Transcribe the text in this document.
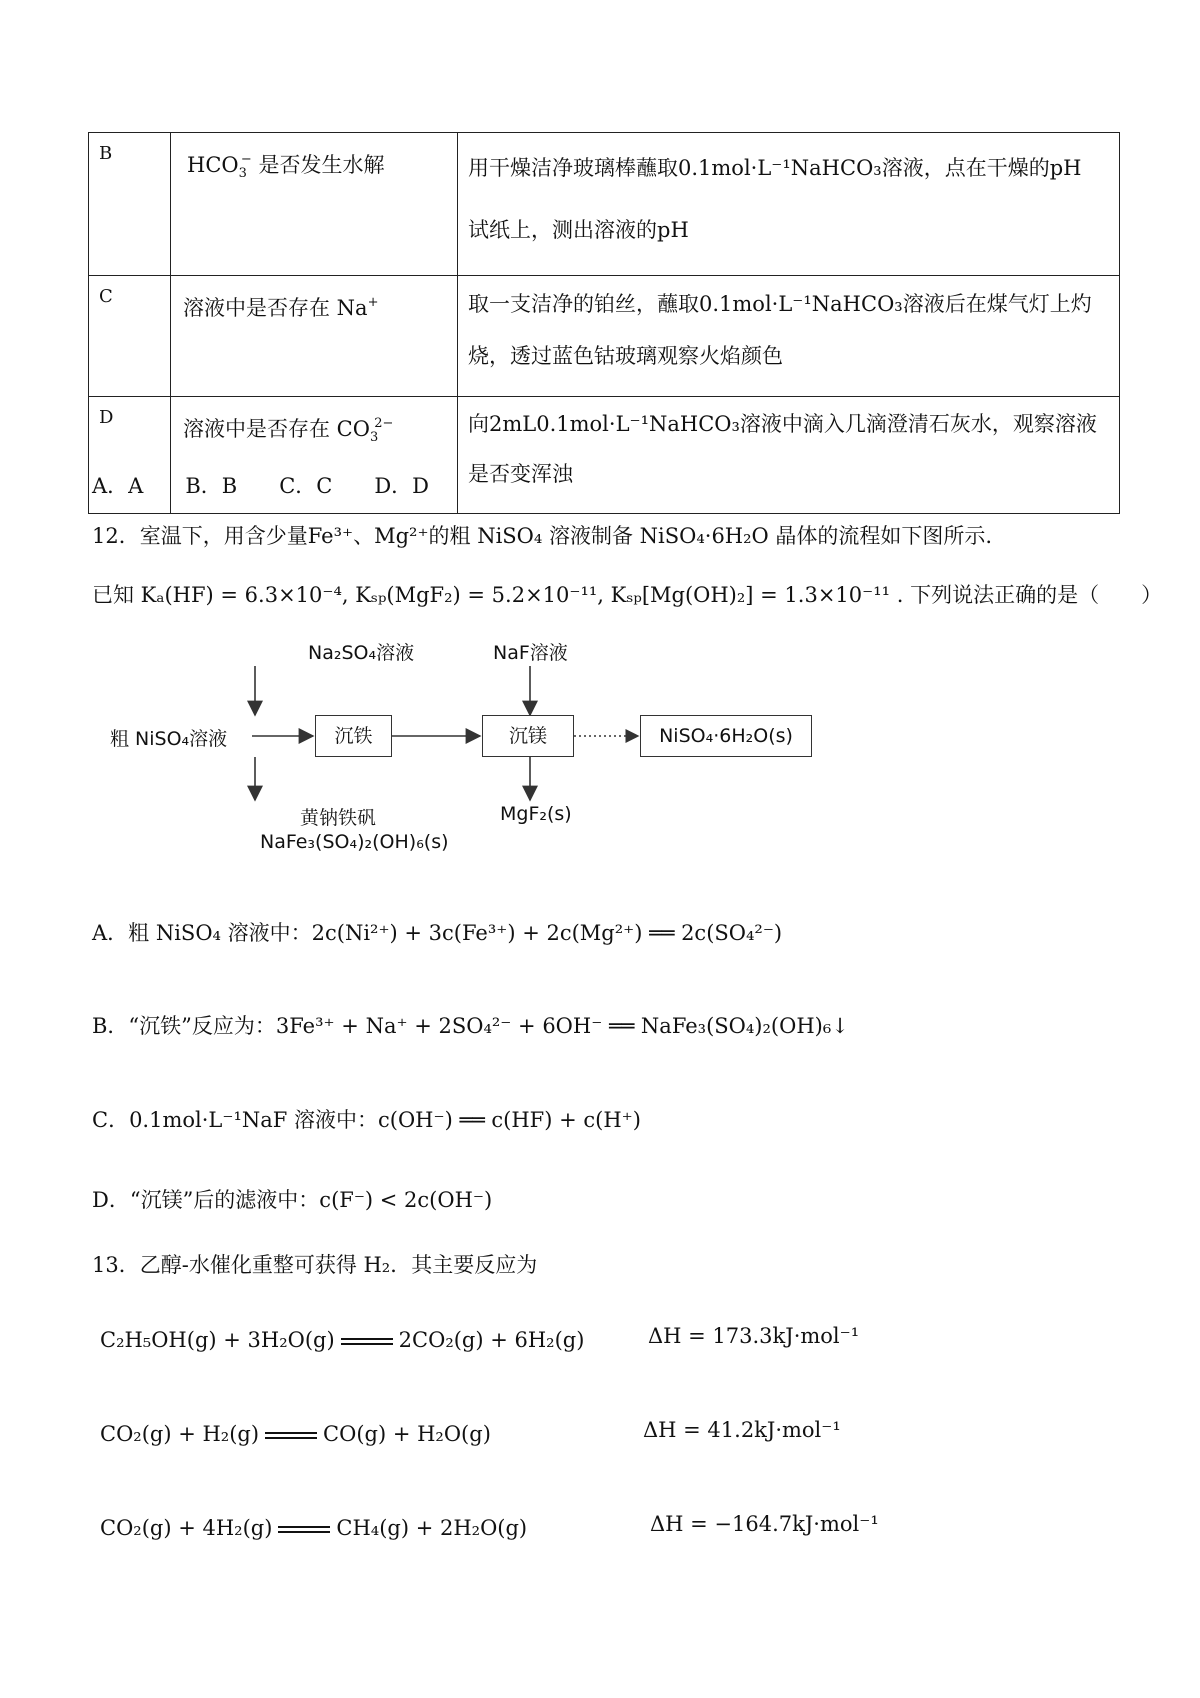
B	$HCO_3^-$ 是否发生水解	用干燥洁净玻璃棒蘸取0.1mol·L⁻¹NaHCO₃溶液，点在干燥的pH 试纸上，测出溶液的pH

C	溶液中是否存在 Na+	取一支洁净的铂丝，蘸取0.1mol·L⁻¹NaHCO₃溶液后在煤气灯上灼烧，透过蓝色钴玻璃观察火焰颜色

D	溶液中是否存在 $CO_3^{2-}$	向2mL0.1mol·L⁻¹NaHCO₃溶液中滴入几滴澄清石灰水，观察溶液是否变浑浊
A．A　　B．B　　C．C　　D．D
12．室温下，用含少量Fe³⁺、Mg²⁺的粗 NiSO₄ 溶液制备 NiSO₄·6H₂O 晶体的流程如下图所示.
已知 Kₐ(HF) = 6.3×10⁻⁴, Kₛₚ(MgF₂) = 5.2×10⁻¹¹, Kₛₚ[Mg(OH)₂] = 1.3×10⁻¹¹ . 下列说法正确的是（　　）
Na₂SO₄溶液	NaF溶液
粗 NiSO₄溶液	沉铁	沉镁	NiSO₄·6H₂O(s)
黄钠铁矾
NaFe₃(SO₄)₂(OH)₆(s)
MgF₂(s)
A．粗 NiSO₄ 溶液中：2c(Ni²⁺) + 3c(Fe³⁺) + 2c(Mg²⁺) ══ 2c(SO₄²⁻)
B．“沉铁”反应为：3Fe³⁺ + Na⁺ + 2SO₄²⁻ + 6OH⁻ ══ NaFe₃(SO₄)₂(OH)₆↓
C．0.1mol·L⁻¹NaF 溶液中：c(OH⁻) ══ c(HF) + c(H⁺)
D．“沉镁”后的滤液中：c(F⁻) < 2c(OH⁻)
13．乙醇-水催化重整可获得 H₂．其主要反应为
C₂H₅OH(g) + 3H₂O(g)	2CO₂(g) + 6H₂(g)	ΔH = 173.3kJ·mol⁻¹
CO₂(g) + H₂(g)	CO(g) + H₂O(g)	ΔH = 41.2kJ·mol⁻¹
CO₂(g) + 4H₂(g)	CH₄(g) + 2H₂O(g)	ΔH = −164.7kJ·mol⁻¹
